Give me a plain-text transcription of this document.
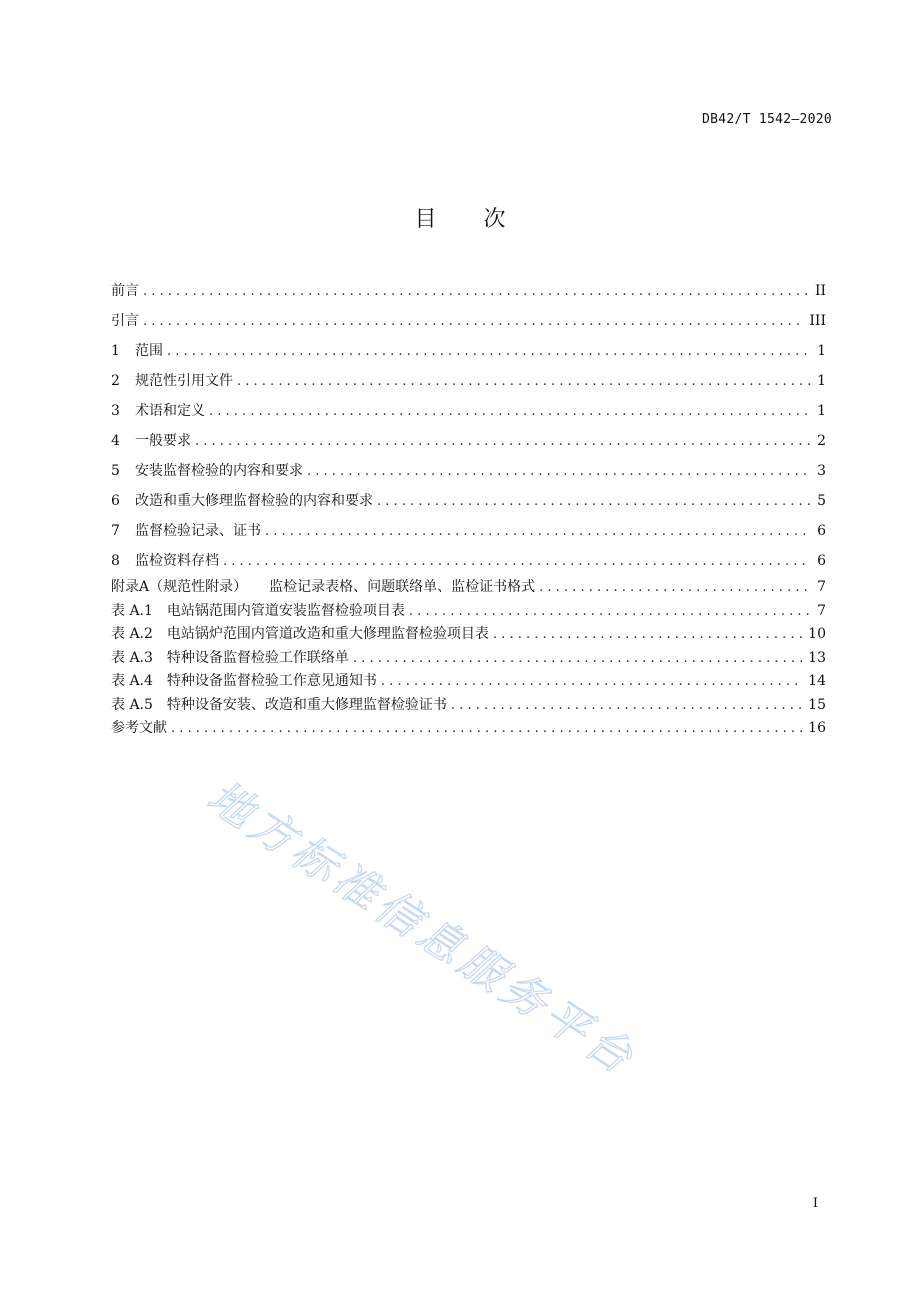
DB42/T 1542—2020
目 次
前言 . . .	II
引言 . . .	III
1 范围 . . .	1
2 规范性引用文件 . . .	1
3 术语和定义 . . .	1
4 一般要求 . . .	2
5 安装监督检验的内容和要求 . . .	3
6 改造和重大修理监督检验的内容和要求 . . .	5
7 监督检验记录、证书 . . .	6
8 监检资料存档 . . .	6
附录A（规范性附录） 监检记录表格、问题联络单、监检证书格式 . . .	7
表 A.1 电站锅范围内管道安装监督检验项目表 . . .	7
表 A.2 电站锅炉范围内管道改造和重大修理监督检验项目表 . . .	10
表 A.3 特种设备监督检验工作联络单 . . .	13
表 A.4 特种设备监督检验工作意见通知书 . . .	14
表 A.5 特种设备安装、改造和重大修理监督检验证书 . . .	15
参考文献 . . .	16
地方标准信息服务平台
I
